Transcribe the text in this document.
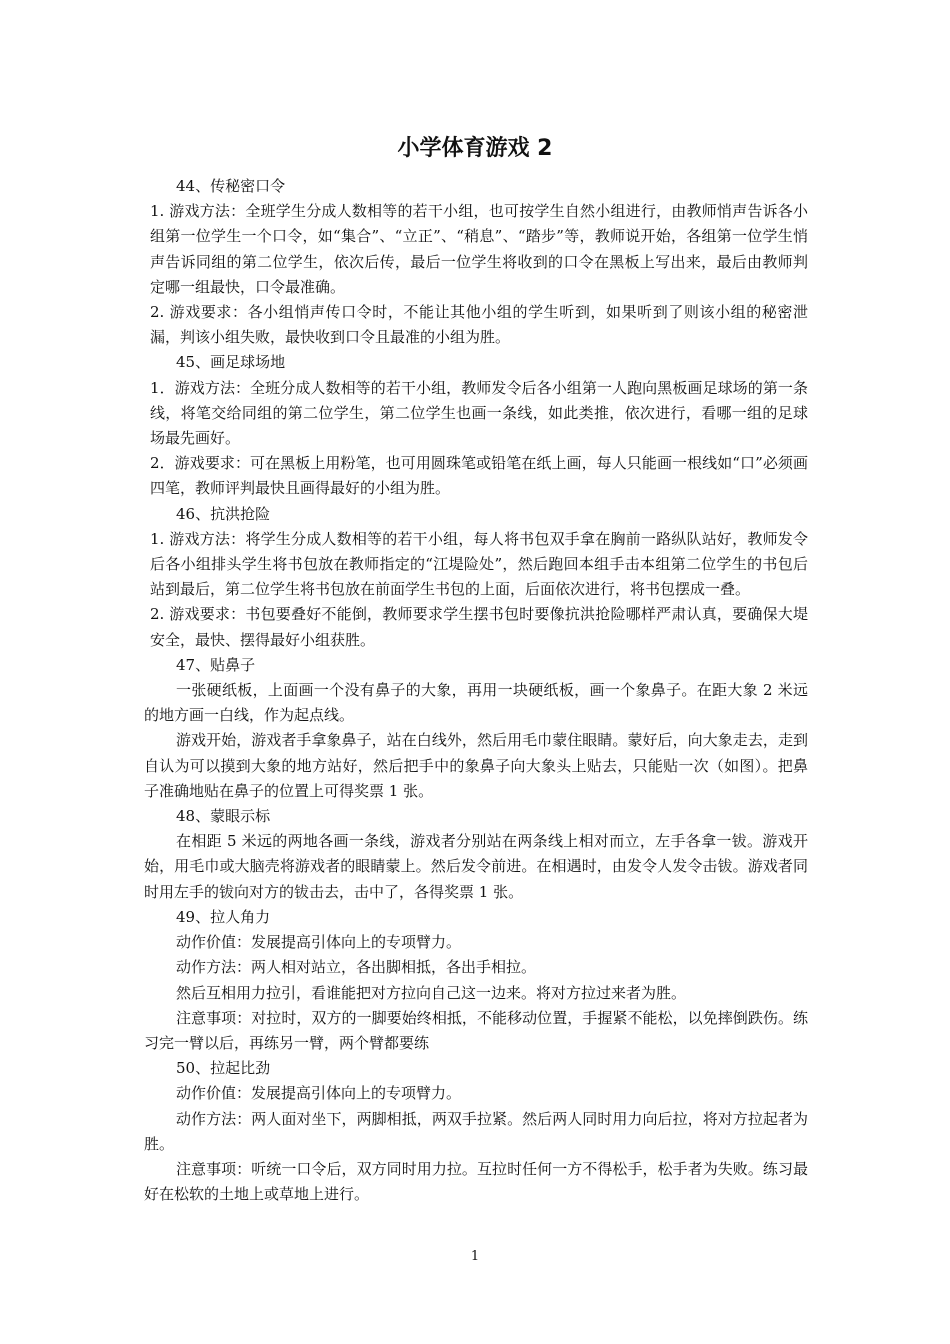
小学体育游戏 2

44、传秘密口令

1. 游戏方法：全班学生分成人数相等的若干小组，也可按学生自然小组进行，由教师悄声告诉各小组第一位学生一个口令，如“集合”、“立正”、“稍息”、“踏步”等，教师说开始，各组第一位学生悄声告诉同组的第二位学生，依次后传，最后一位学生将收到的口令在黑板上写出来，最后由教师判定哪一组最快，口令最准确。

2. 游戏要求：各小组悄声传口令时，不能让其他小组的学生听到，如果听到了则该小组的秘密泄漏，判该小组失败，最快收到口令且最准的小组为胜。

45、画足球场地

1．游戏方法：全班分成人数相等的若干小组，教师发令后各小组第一人跑向黑板画足球场的第一条线，将笔交给同组的第二位学生，第二位学生也画一条线，如此类推，依次进行，看哪一组的足球场最先画好。

2．游戏要求：可在黑板上用粉笔，也可用圆珠笔或铅笔在纸上画，每人只能画一根线如“口”必须画四笔，教师评判最快且画得最好的小组为胜。

46、抗洪抢险

1. 游戏方法：将学生分成人数相等的若干小组，每人将书包双手拿在胸前一路纵队站好，教师发令后各小组排头学生将书包放在教师指定的“江堤险处”，然后跑回本组手击本组第二位学生的书包后站到最后，第二位学生将书包放在前面学生书包的上面，后面依次进行，将书包摆成一叠。

2. 游戏要求：书包要叠好不能倒，教师要求学生摆书包时要像抗洪抢险哪样严肃认真，要确保大堤安全，最快、摆得最好小组获胜。

47、贴鼻子

一张硬纸板，上面画一个没有鼻子的大象，再用一块硬纸板，画一个象鼻子。在距大象 2 米远的地方画一白线，作为起点线。

游戏开始，游戏者手拿象鼻子，站在白线外，然后用毛巾蒙住眼睛。蒙好后，向大象走去，走到自认为可以摸到大象的地方站好，然后把手中的象鼻子向大象头上贴去，只能贴一次（如图）。把鼻子准确地贴在鼻子的位置上可得奖票 1 张。

48、蒙眼示标

在相距 5 米远的两地各画一条线，游戏者分别站在两条线上相对而立，左手各拿一钹。游戏开始，用毛巾或大脑壳将游戏者的眼睛蒙上。然后发令前进。在相遇时，由发令人发令击钹。游戏者同时用左手的钹向对方的钹击去，击中了，各得奖票 1 张。

49、拉人角力

动作价值：发展提高引体向上的专项臂力。

动作方法：两人相对站立，各出脚相抵，各出手相拉。

然后互相用力拉引，看谁能把对方拉向自己这一边来。将对方拉过来者为胜。

注意事项：对拉时，双方的一脚要始终相抵，不能移动位置，手握紧不能松，以免摔倒跌伤。练习完一臂以后，再练另一臂，两个臂都要练

50、拉起比劲

动作价值：发展提高引体向上的专项臂力。

动作方法：两人面对坐下，两脚相抵，两双手拉紧。然后两人同时用力向后拉，将对方拉起者为胜。

注意事项：听统一口令后，双方同时用力拉。互拉时任何一方不得松手，松手者为失败。练习最好在松软的土地上或草地上进行。

1
